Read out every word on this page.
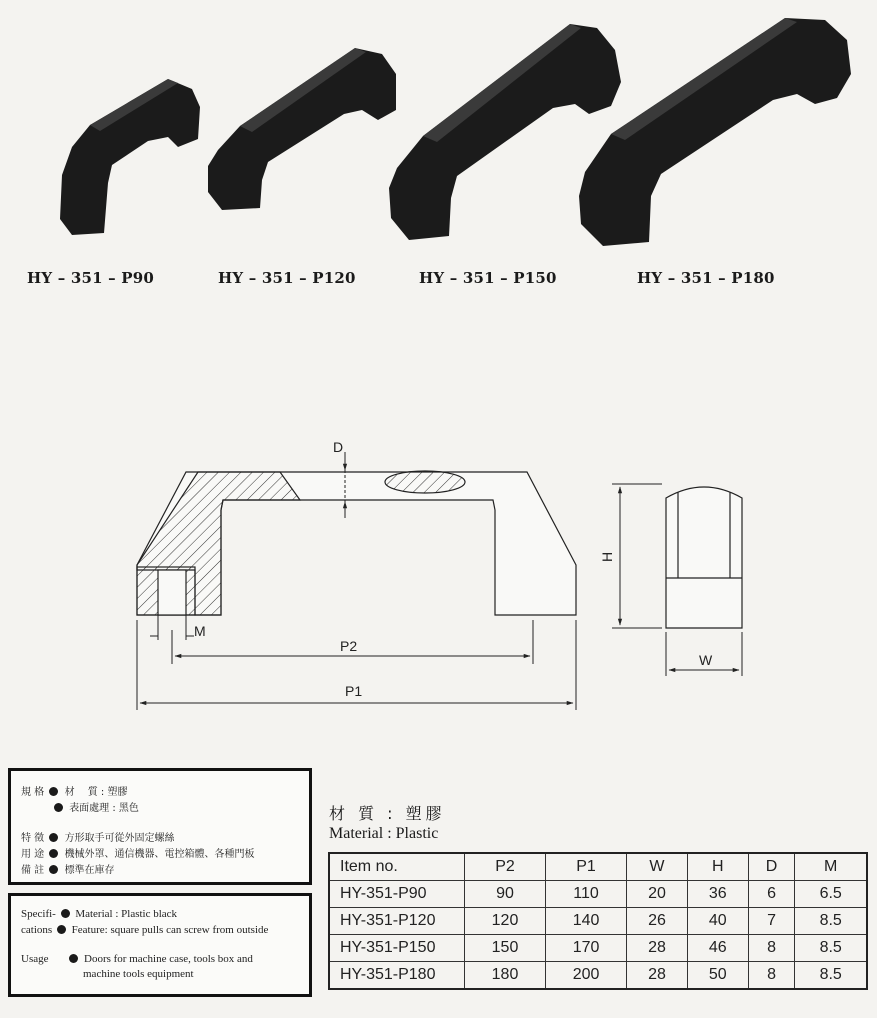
HY – 351 – P90	HY – 351 – P120	HY – 351 – P150	HY – 351 – P180
D
M
P2
P1
H
W
規 格 材　 質 : 塑膠
表面處理 : 黑色
特 徵 方形取手可從外固定螺絲
用 途 機械外罩、通信機器、電控箱體、各種門板
備 註 標準在庫存
Specifi- Material : Plastic black
cations Feature: square pulls can screw from outside
Usage	Doors for machine case, tools box and
machine tools equipment
材 質 : 塑膠
Material : Plastic
Item no.	P2	P1	W	H	D	M
HY-351-P90	90	110	20	36	6	6.5
HY-351-P120	120	140	26	40	7	8.5
HY-351-P150	150	170	28	46	8	8.5
HY-351-P180	180	200	28	50	8	8.5
